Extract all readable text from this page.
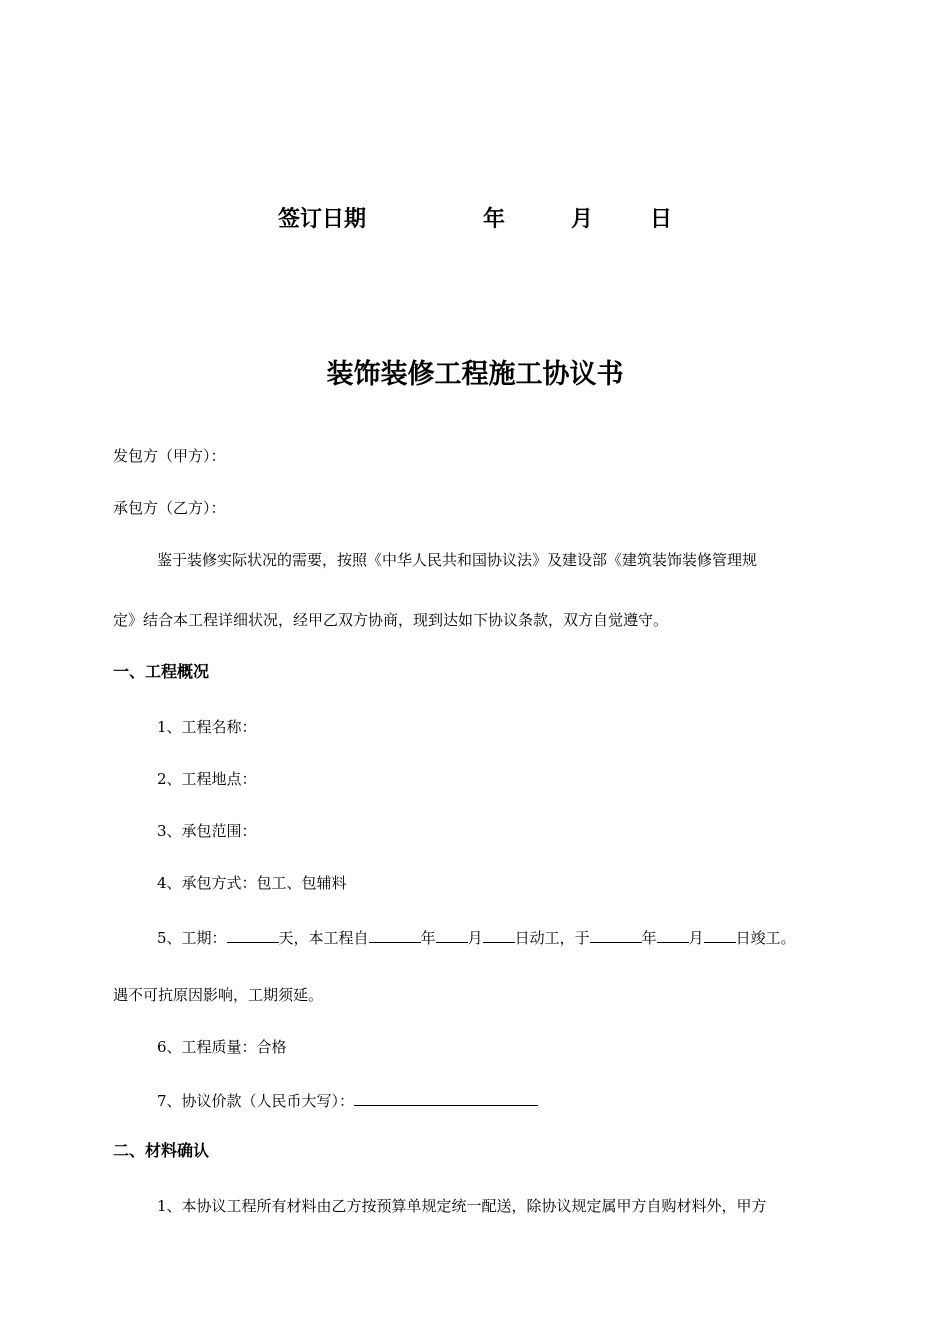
签订日期	年	月	日
装饰装修工程施工协议书
发包方（甲方）：
承包方（乙方）：
鉴于装修实际状况的需要，按照《中华人民共和国协议法》及建设部《建筑装饰装修管理规
定》结合本工程详细状况，经甲乙双方协商，现到达如下协议条款，双方自觉遵守。
一、工程概况
1、工程名称：
2、工程地点：
3、承包范围：
4、承包方式：包工、包辅料
5、工期：	天，本工程自	年 月 日动工，于	年 月 日竣工。
遇不可抗原因影响，工期须延。
6、工程质量：合格
7、协议价款（人民币大写）：
二、材料确认
1、本协议工程所有材料由乙方按预算单规定统一配送，除协议规定属甲方自购材料外，甲方
